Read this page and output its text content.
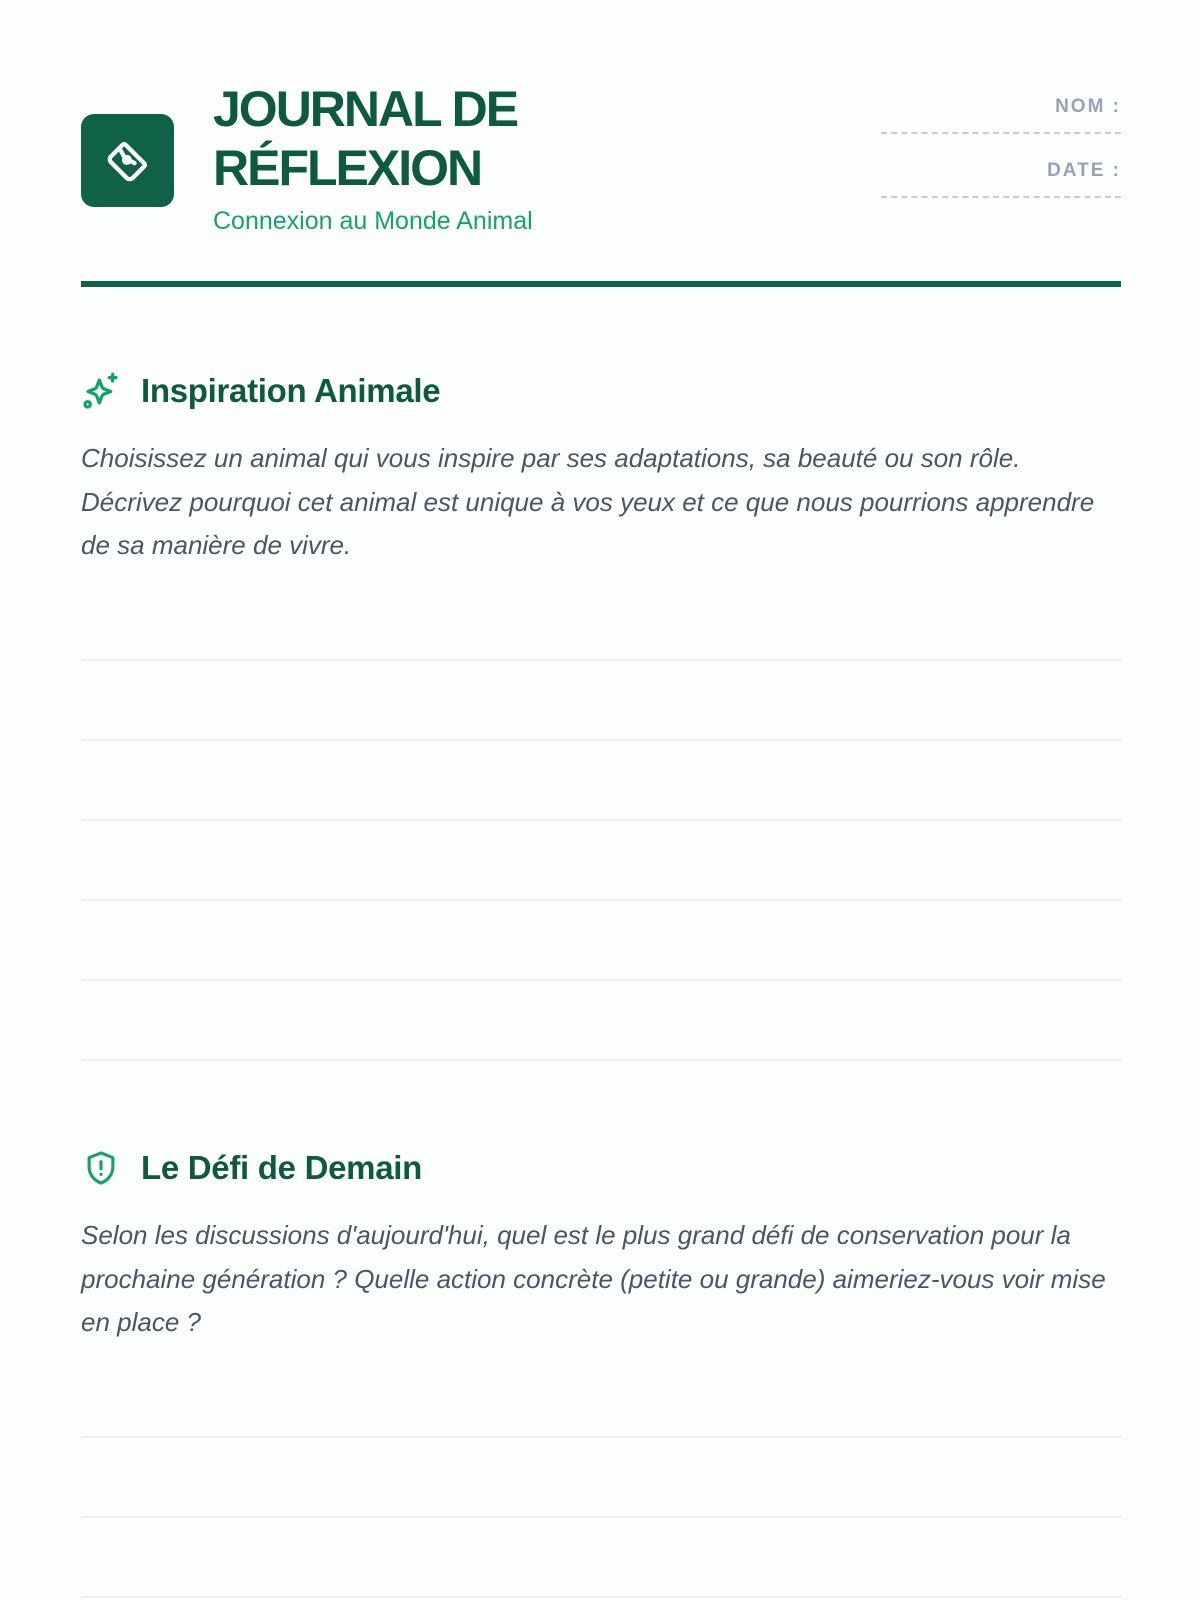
JOURNAL DE RÉFLEXION
Connexion au Monde Animal
NOM :
DATE :
Inspiration Animale
Choisissez un animal qui vous inspire par ses adaptations, sa beauté ou son rôle. Décrivez pourquoi cet animal est unique à vos yeux et ce que nous pourrions apprendre de sa manière de vivre.
Le Défi de Demain
Selon les discussions d'aujourd'hui, quel est le plus grand défi de conservation pour la prochaine génération ? Quelle action concrète (petite ou grande) aimeriez-vous voir mise en place ?
